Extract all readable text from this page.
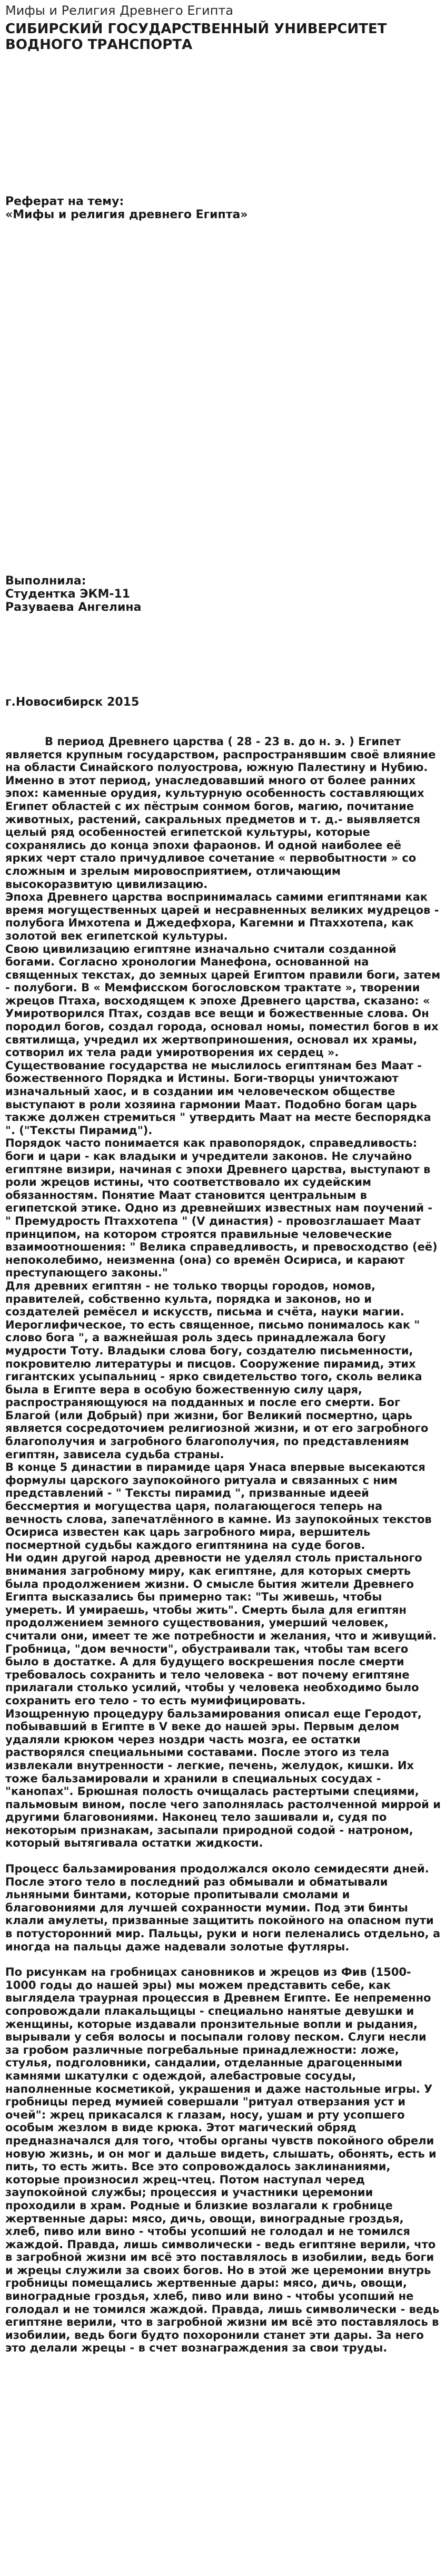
Мифы и Религия Древнего Египта
СИБИРСКИЙ ГОСУДАРСТВЕННЫЙ УНИВЕРСИТЕТ ВОДНОГО ТРАНСПОРТА
Реферат на тему:
«Мифы и религия древнего Египта»
Выполнила:
Студентка ЭКМ-11
Разуваева Ангелина
г.Новосибирск 2015

В период Древнего царства ( 28 - 23 в. до н. э. ) Египет является крупным государством, распространявшим своё влияние на области Синайского полуострова, южную Палестину и Нубию. Именно в этот период, унаследовавший много от более ранних эпох: каменные орудия, культурную особенность составляющих Египет областей с их пёстрым сонмом богов, магию, почитание животных, растений, сакральных предметов и т. д.- выявляется целый ряд особенностей египетской культуры, которые сохранялись до конца эпохи фараонов. И одной наиболее её ярких черт стало причудливое сочетание « первобытности » со сложным и зрелым мировосприятием, отличающим высокоразвитую цивилизацию.

Эпоха Древнего царства воспринималась самими египтянами как время могущественных царей и несравненных великих мудрецов - полубога Имхотепа и Джедефхора, Кагемни и Птаххотепа, как золотой век египетской культуры.

Свою цивилизацию египтяне изначально считали созданной богами. Согласно хронологии Манефона, основанной на священных текстах, до земных царей Египтом правили боги, затем - полубоги. В « Мемфисском богословском трактате », творении жрецов Птаха, восходящем к эпохе Древнего царства, сказано: « Умиротворился Птах, создав все вещи и божественные слова. Он породил богов, создал города, основал номы, поместил богов в их святилища, учредил их жертвоприношения, основал их храмы, сотворил их тела ради умиротворения их сердец ».

Существование государства не мыслилось египтянам без Маат - божественного Порядка и Истины. Боги-творцы уничтожают изначальный хаос, и в создании им человеческом обществе выступают в роли хозяина гармонии Маат. Подобно богам царь также должен стремиться " утвердить Маат на месте беспорядка ". ("Тексты Пирамид").

Порядок часто понимается как правопорядок, справедливость: боги и цари - как владыки и учредители законов. Не случайно египтяне визири, начиная с эпохи Древнего царства, выступают в роли жрецов истины, что соответствовало их судейским обязанностям. Понятие Маат становится центральным в египетской этике. Одно из древнейших известных нам поучений - " Премудрость Птаххотепа " (V династия) - провозглашает Маат принципом, на котором строятся правильные человеческие взаимоотношения: " Велика справедливость, и превосходство (её) непоколебимо, неизменна (она) со времён Осириса, и карают преступающего законы."

Для древних египтян - не только творцы городов, номов, правителей, собственно культа, порядка и законов, но и создателей ремёсел и искусств, письма и счёта, науки магии. Иероглифическое, то есть священное, письмо понималось как " слово бога ", а важнейшая роль здесь принадлежала богу мудрости Тоту. Владыки слова богу, создателю письменности, покровителю литературы и писцов. Сооружение пирамид, этих гигантских усыпальниц - ярко свидетельство того, сколь велика была в Египте вера в особую божественную силу царя, распространяющуюся на подданных и после его смерти. Бог Благой (или Добрый) при жизни, бог Великий посмертно, царь является сосредоточием религиозной жизни, и от его загробного благополучия и загробного благополучия, по представлениям египтян, зависела судьба страны.

В конце 5 династии в пирамиде царя Унаса впервые высекаются формулы царского заупокойного ритуала и связанных с ним представлений - " Тексты пирамид ", призванные идеей бессмертия и могущества царя, полагающегося теперь на вечность слова, запечатлённого в камне. Из заупокойных текстов Осириса известен как царь загробного мира, вершитель посмертной судьбы каждого египтянина на суде богов.

Ни один другой народ древности не уделял столь пристального внимания загробному миру, как египтяне, для которых смерть была продолжением жизни. О смысле бытия жители Древнего Египта высказались бы примерно так: "Ты живешь, чтобы умереть. И умираешь, чтобы жить". Смерть была для египтян продолжением земного существования, умерший человек, считали они, имеет те же потребности и желания, что и живущий. Гробница, "дом вечности", обустраивали так, чтобы там всего было в достатке. А для будущего воскрешения после смерти требовалось сохранить и тело человека - вот почему египтяне прилагали столько усилий, чтобы у человека необходимо было сохранить его тело - то есть мумифицировать.

Изощренную процедуру бальзамирования описал еще Геродот, побывавший в Египте в V веке до нашей эры. Первым делом удаляли крюком через ноздри часть мозга, ее остатки растворялся специальными составами. После этого из тела извлекали внутренности - легкие, печень, желудок, кишки. Их тоже бальзамировали и хранили в специальных сосудах - "канопах". Брюшная полость очищалась растертыми специями, пальмовым вином, после чего заполнялась растолченной миррой и другими благовониями. Наконец тело зашивали и, судя по некоторым признакам, засыпали природной содой - натроном, который вытягивала остатки жидкости.

Процесс бальзамирования продолжался около семидесяти дней. После этого тело в последний раз обмывали и обматывали льняными бинтами, которые пропитывали смолами и благовониями для лучшей сохранности мумии. Под эти бинты клали амулеты, призванные защитить покойного на опасном пути в потусторонний мир. Пальцы, руки и ноги пеленались отдельно, а иногда на пальцы даже надевали золотые футляры.

По рисункам на гробницах сановников и жрецов из Фив (1500-1000 годы до нашей эры) мы можем представить себе, как выглядела траурная процессия в Древнем Египте. Ее непременно сопровождали плакальщицы - специально нанятые девушки и женщины, которые издавали пронзительные вопли и рыдания, вырывали у себя волосы и посыпали голову песком. Слуги несли за гробом различные погребальные принадлежности: ложе, стулья, подголовники, сандалии, отделанные драгоценными камнями шкатулки с одеждой, алебастровые сосуды, наполненные косметикой, украшения и даже настольные игры. У гробницы перед мумией совершали "ритуал отверзания уст и очей": жрец прикасался к глазам, носу, ушам и рту усопшего особым жезлом в виде крюка. Этот магический обряд предназначался для того, чтобы органы чувств покойного обрели новую жизнь, и он мог и дальше видеть, слышать, обонять, есть и пить, то есть жить. Все это сопровождалось заклинаниями, которые произносил жрец-чтец. Потом наступал черед заупокойной службы; процессия и участники церемонии проходили в храм. Родные и близкие возлагали к гробнице жертвенные дары: мясо, дичь, овощи, виноградные гроздья, хлеб, пиво или вино - чтобы усопший не голодал и не томился жаждой. Правда, лишь символически - ведь египтяне верили, что в загробной жизни им всё это поставлялось в изобилии, ведь боги и жрецы служили за своих богов. Но в этой же церемонии внутрь гробницы помещались жертвенные дары: мясо, дичь, овощи, виноградные гроздья, хлеб, пиво или вино - чтобы усопший не голодал и не томился жаждой. Правда, лишь символически - ведь египтяне верили, что в загробной жизни им всё это поставлялось в изобилии, ведь боги будто похоронили станет эти дары. За него это делали жрецы - в счет вознаграждения за свои труды.
